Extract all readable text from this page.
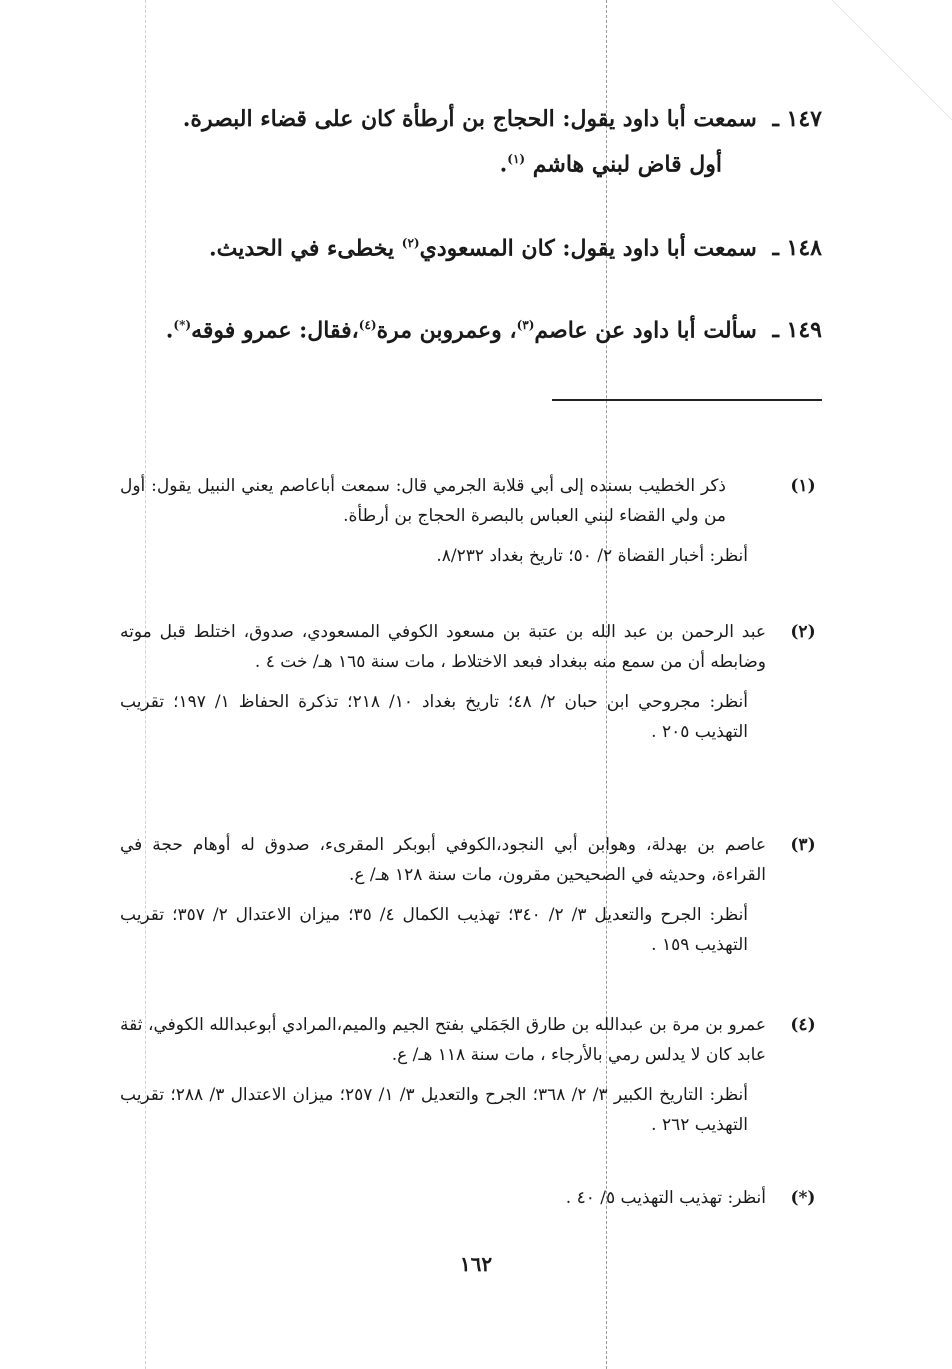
١٤٧ ـ سمعت أبا داود يقول: الحجاج بن أرطأة كان على قضاء البصرة.
أول قاض لبني هاشم $^{(١)}$.
١٤٨ ـ سمعت أبا داود يقول: كان المسعودي$^{(٢)}$ يخطىء في الحديث.
١٤٩ ـ سألت أبا داود عن عاصم$^{(٣)}$، وعمروبن مرة$^{(٤)}$،فقال: عمرو فوقه(*).
(١)

ذكر الخطيب بسنده إلى أبي قلابة الجرمي قال: سمعت أباعاصم يعني النبيل يقول: أول من ولي القضاء لبني العباس بالبصرة الحجاج بن أرطأة.

أنظر: أخبار القضاة ٢/ ٥٠؛ تاريخ بغداد ٨/٢٣٢.

(٢)

عبد الرحمن بن عبد الله بن عتبة بن مسعود الكوفي المسعودي، صدوق، اختلط قبل موته وضابطه أن من سمع منه ببغداد فبعد الاختلاط ، مات سنة ١٦٥ هـ/ خت ٤ .

أنظر: مجروحي ابن حبان ٢/ ٤٨؛ تاريخ بغداد ١٠/ ٢١٨؛ تذكرة الحفاظ ١/ ١٩٧؛ تقريب التهذيب ٢٠٥ .

(٣)

عاصم بن بهدلة، وهوابن أبي النجود،الكوفي أبوبكر المقرىء، صدوق له أوهام حجة في القراءة، وحديثه في الصحيحين مقرون، مات سنة ١٢٨ هـ/ ع.

أنظر: الجرح والتعديل ٣/ ٢/ ٣٤٠؛ تهذيب الكمال ٤/ ٣٥؛ ميزان الاعتدال ٢/ ٣٥٧؛ تقريب التهذيب ١٥٩ .

(٤)

عمرو بن مرة بن عبدالله بن طارق الجَمَلي بفتح الجيم والميم،المرادي أبوعبدالله الكوفي، ثقة عابد كان لا يدلس رمي بالأرجاء ، مات سنة ١١٨ هـ/ ع.

أنظر: التاريخ الكبير ٣/ ٢/ ٣٦٨؛ الجرح والتعديل ٣/ ١/ ٢٥٧؛ ميزان الاعتدال ٣/ ٢٨٨؛ تقريب التهذيب ٢٦٢ .

(*)

أنظر: تهذيب التهذيب ٥/ ٤٠ .

١٦٢
